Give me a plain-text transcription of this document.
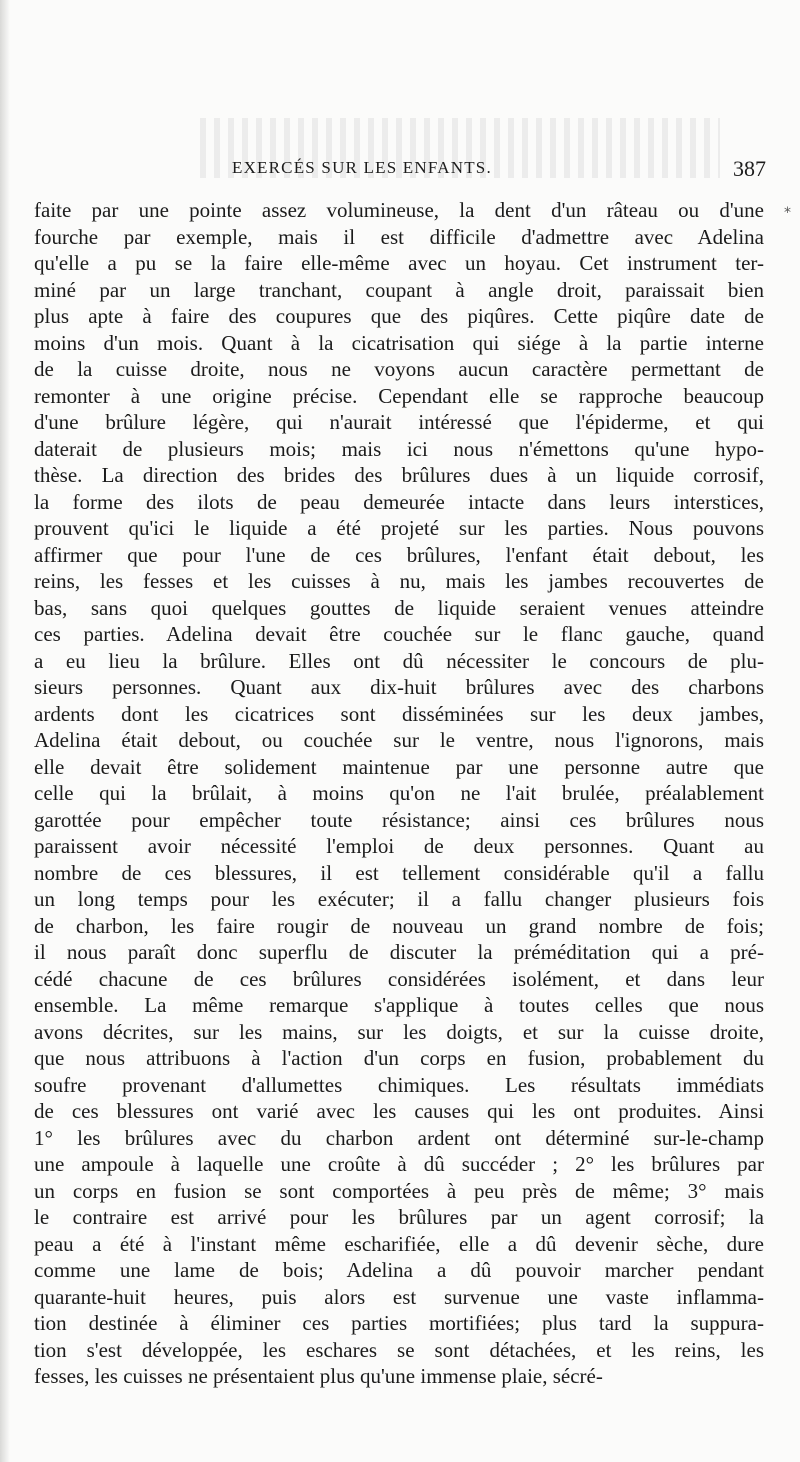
EXERCÉS SUR LES ENFANTS.	387
*
faite par une pointe assez volumineuse, la dent d'un râteau ou d'une
fourche par exemple, mais il est difficile d'admettre avec Adelina
qu'elle a pu se la faire elle-même avec un hoyau. Cet instrument ter-
miné par un large tranchant, coupant à angle droit, paraissait bien
plus apte à faire des coupures que des piqûres. Cette piqûre date de
moins d'un mois. Quant à la cicatrisation qui siége à la partie interne
de la cuisse droite, nous ne voyons aucun caractère permettant de
remonter à une origine précise. Cependant elle se rapproche beaucoup
d'une brûlure légère, qui n'aurait intéressé que l'épiderme, et qui
daterait de plusieurs mois; mais ici nous n'émettons qu'une hypo-
thèse. La direction des brides des brûlures dues à un liquide corrosif,
la forme des ilots de peau demeurée intacte dans leurs interstices,
prouvent qu'ici le liquide a été projeté sur les parties. Nous pouvons
affirmer que pour l'une de ces brûlures, l'enfant était debout, les
reins, les fesses et les cuisses à nu, mais les jambes recouvertes de
bas, sans quoi quelques gouttes de liquide seraient venues atteindre
ces parties. Adelina devait être couchée sur le flanc gauche, quand
a eu lieu la brûlure. Elles ont dû nécessiter le concours de plu-
sieurs personnes. Quant aux dix-huit brûlures avec des charbons
ardents dont les cicatrices sont disséminées sur les deux jambes,
Adelina était debout, ou couchée sur le ventre, nous l'ignorons, mais
elle devait être solidement maintenue par une personne autre que
celle qui la brûlait, à moins qu'on ne l'ait brulée, préalablement
garottée pour empêcher toute résistance; ainsi ces brûlures nous
paraissent avoir nécessité l'emploi de deux personnes. Quant au
nombre de ces blessures, il est tellement considérable qu'il a fallu
un long temps pour les exécuter; il a fallu changer plusieurs fois
de charbon, les faire rougir de nouveau un grand nombre de fois;
il nous paraît donc superflu de discuter la préméditation qui a pré-
cédé chacune de ces brûlures considérées isolément, et dans leur
ensemble. La même remarque s'applique à toutes celles que nous
avons décrites, sur les mains, sur les doigts, et sur la cuisse droite,
que nous attribuons à l'action d'un corps en fusion, probablement du
soufre provenant d'allumettes chimiques. Les résultats immédiats
de ces blessures ont varié avec les causes qui les ont produites. Ainsi
1° les brûlures avec du charbon ardent ont déterminé sur-le-champ
une ampoule à laquelle une croûte à dû succéder ; 2° les brûlures par
un corps en fusion se sont comportées à peu près de même; 3° mais
le contraire est arrivé pour les brûlures par un agent corrosif; la
peau a été à l'instant même escharifiée, elle a dû devenir sèche, dure
comme une lame de bois; Adelina a dû pouvoir marcher pendant
quarante-huit heures, puis alors est survenue une vaste inflamma-
tion destinée à éliminer ces parties mortifiées; plus tard la suppura-
tion s'est développée, les eschares se sont détachées, et les reins, les
fesses, les cuisses ne présentaient plus qu'une immense plaie, sécré-
